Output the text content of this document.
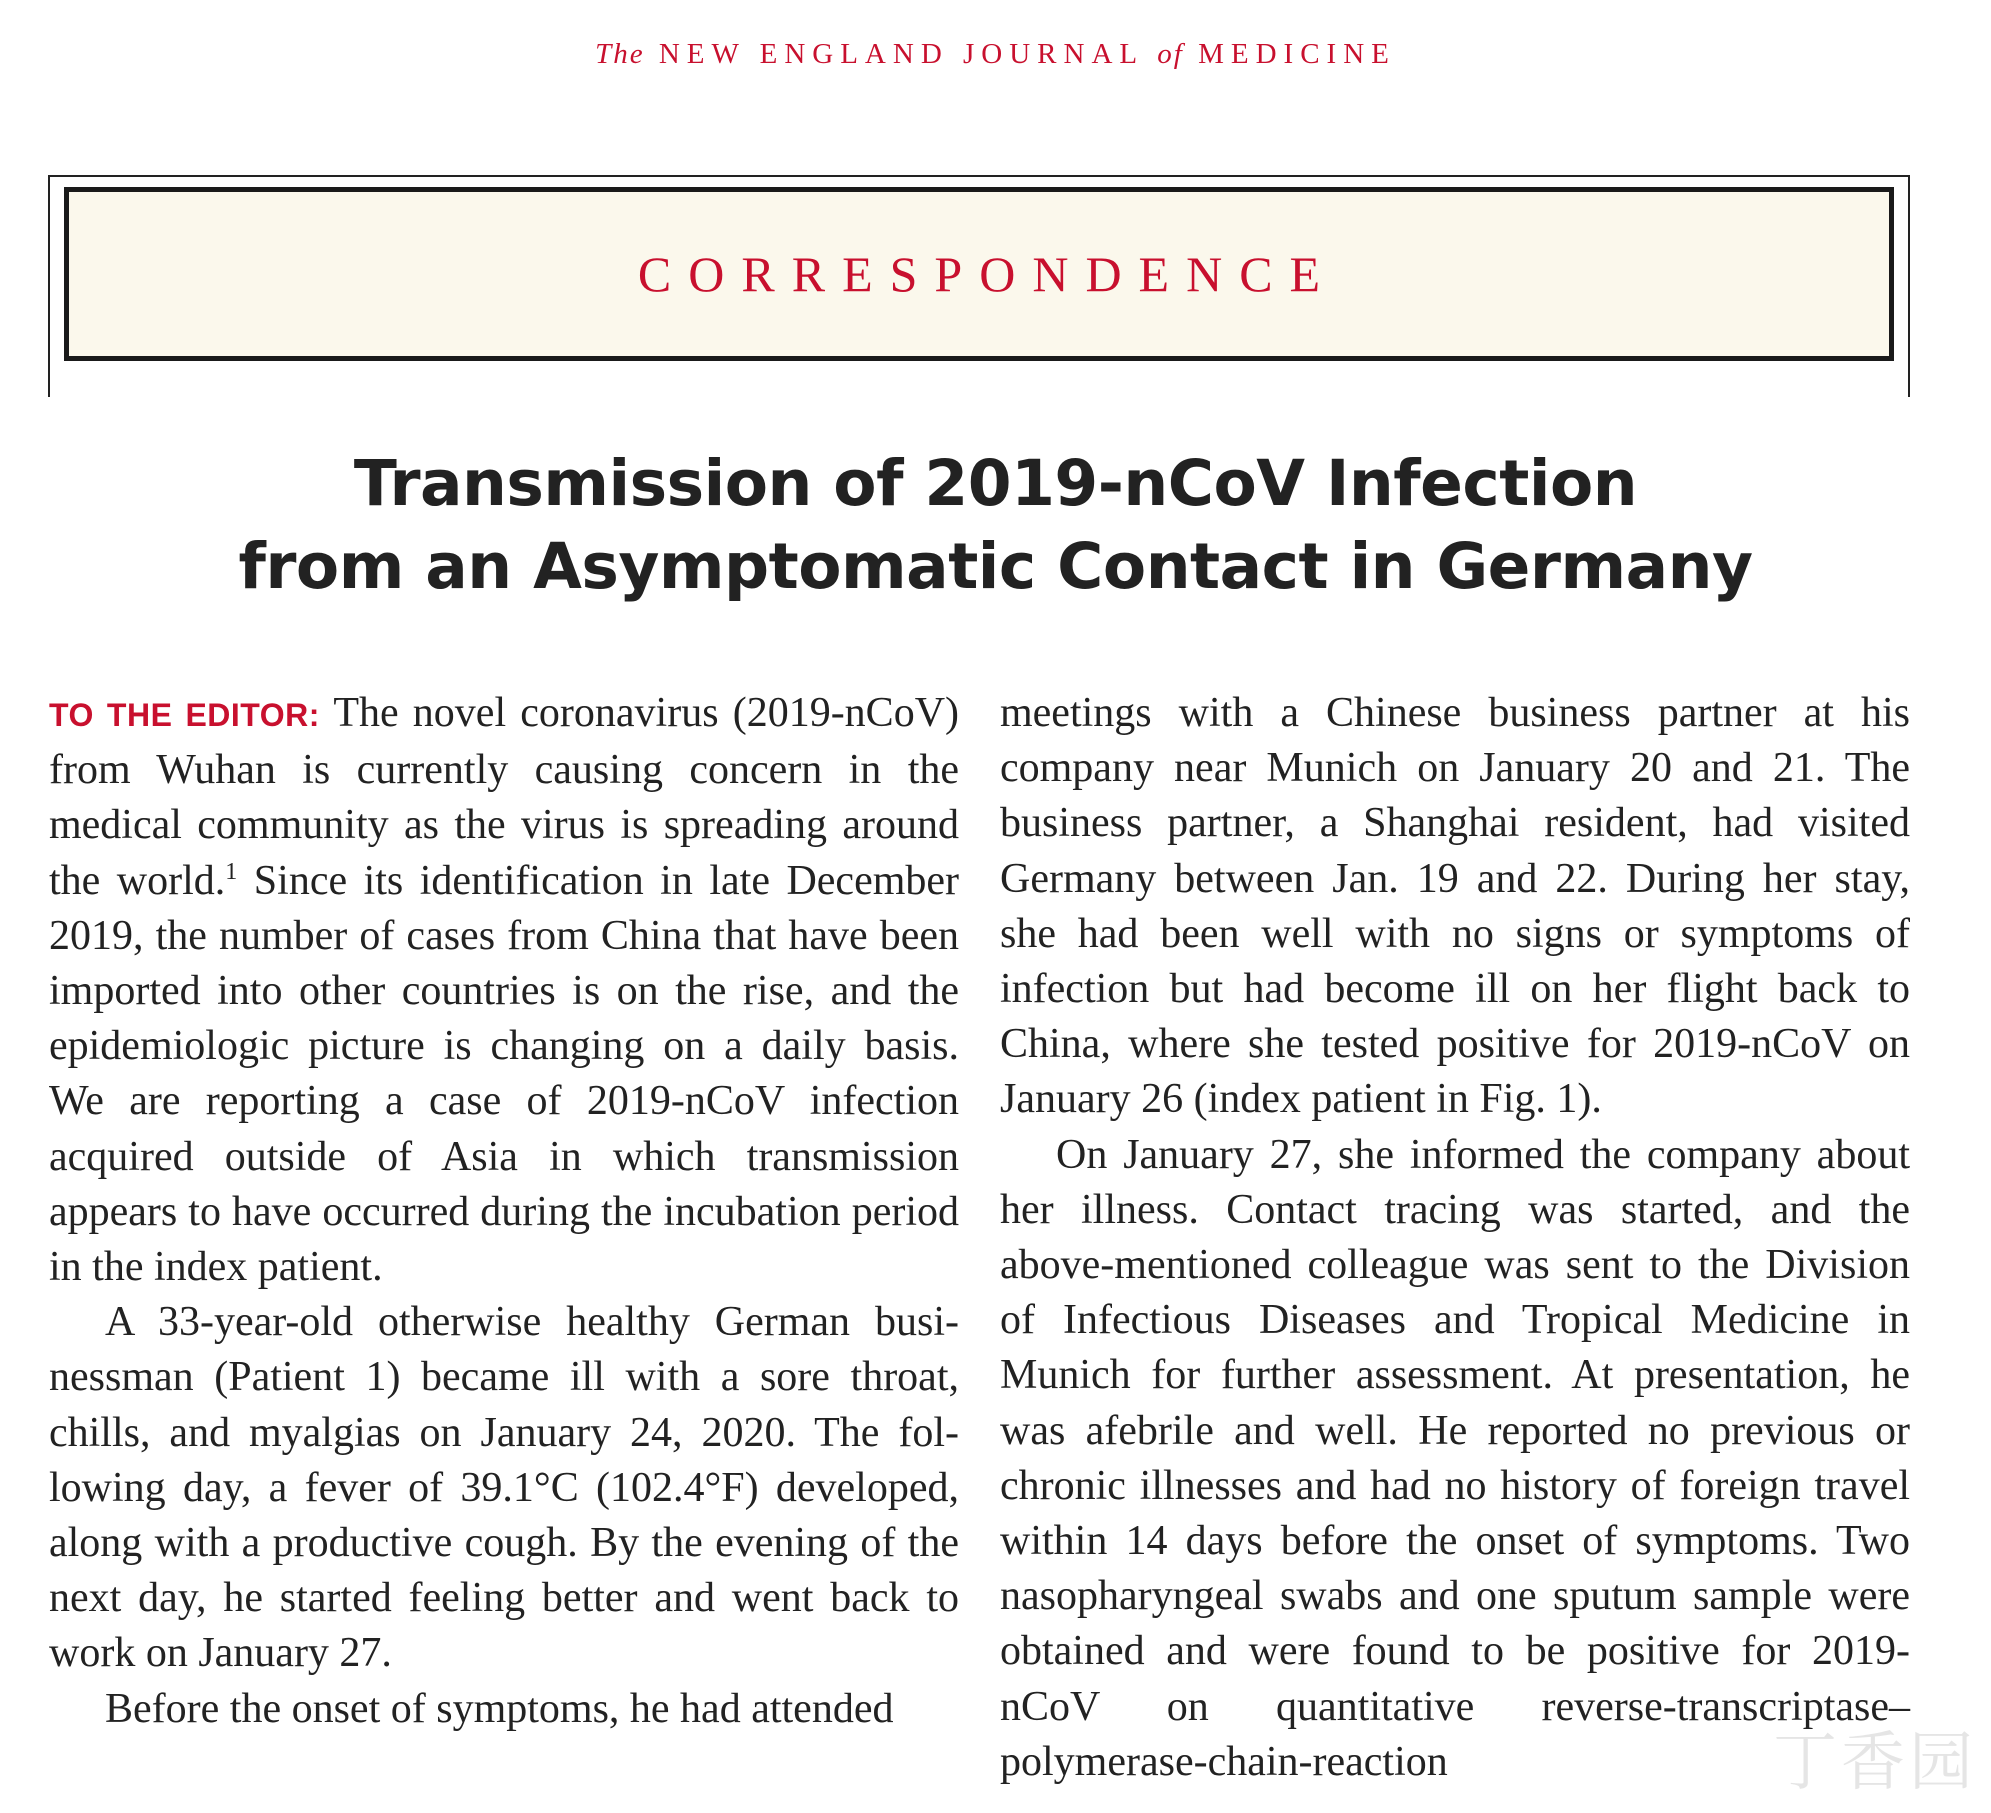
The NEW ENGLAND JOURNAL of MEDICINE
CORRESPONDENCE
Transmission of 2019-nCoV Infection
from an Asymptomatic Contact in Germany

TO THE EDITOR: The novel coronavirus (2019-nCoV) from Wuhan is currently causing concern in the medical community as the virus is spreading around the world.$^1$ Since its identification in late December 2019, the number of cases from China that have been imported into other countries is on the rise, and the epidemiologic picture is changing on a daily basis. We are reporting a case of 2019-nCoV infection acquired outside of Asia in which transmission appears to have occurred during the incubation period in the index patient.

A 33-year-old otherwise healthy German businessman (Patient 1) became ill with a sore throat, chills, and myalgias on January 24, 2020. The following day, a fever of 39.1°C (102.4°F) developed, along with a productive cough. By the evening of the next day, he started feeling better and went back to work on January 27.

Before the onset of symptoms, he had attended

meetings with a Chinese business partner at his company near Munich on January 20 and 21. The business partner, a Shanghai resident, had visited Germany between Jan. 19 and 22. During her stay, she had been well with no signs or symptoms of infection but had become ill on her flight back to China, where she tested positive for 2019-nCoV on January 26 (index patient in Fig. 1).

On January 27, she informed the company about her illness. Contact tracing was started, and the above-mentioned colleague was sent to the Division of Infectious Diseases and Tropical Medicine in Munich for further assessment. At presentation, he was afebrile and well. He reported no previous or chronic illnesses and had no history of foreign travel within 14 days before the onset of symptoms. Two nasopharyngeal swabs and one sputum sample were obtained and were found to be positive for 2019-nCoV on quantitative reverse-transcriptase–polymerase-chain-reaction	丁香园
